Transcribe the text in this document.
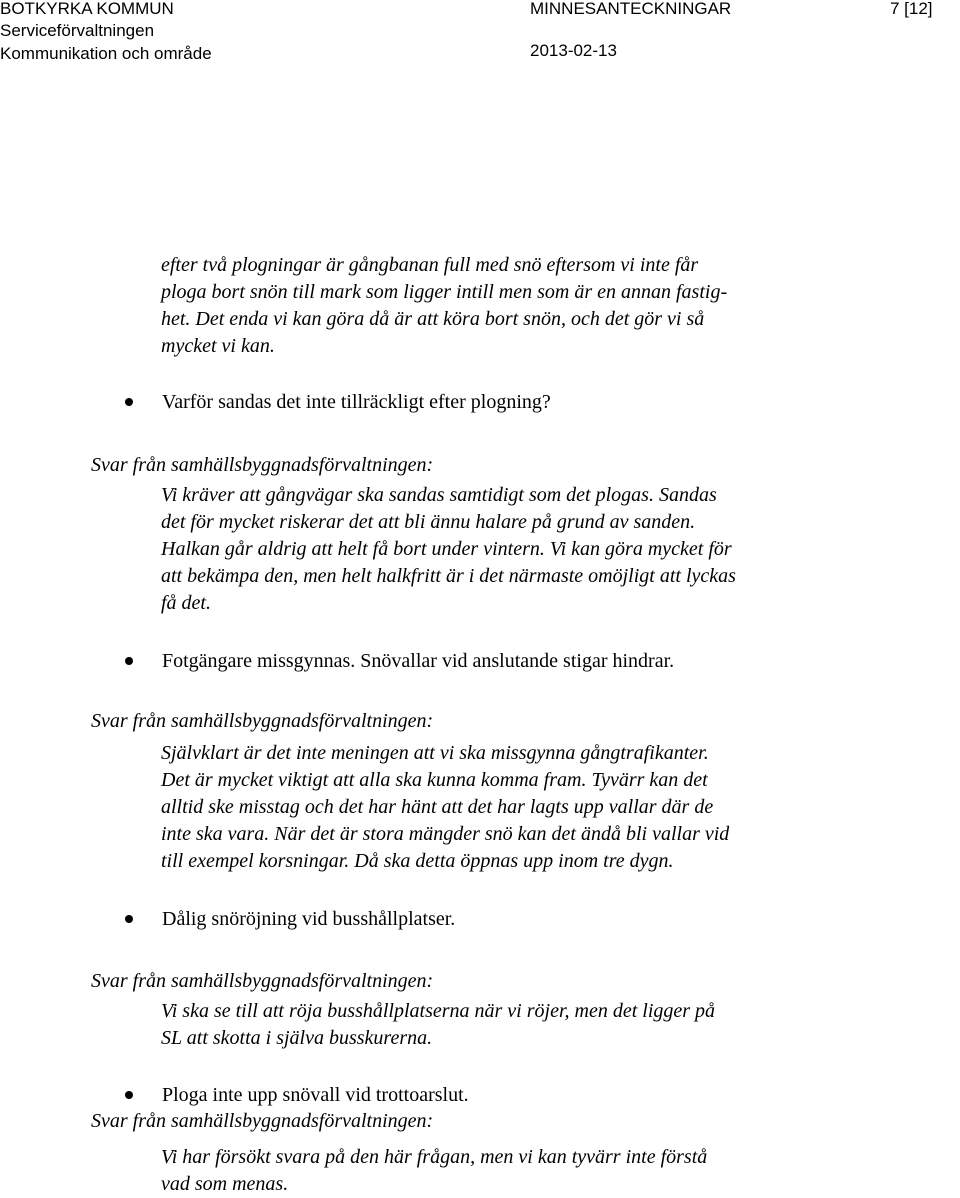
BOTKYRKA KOMMUN
Serviceförvaltningen
Kommunikation och område
MINNESANTECKNINGAR
2013-02-13
7 [12]
efter två plogningar är gångbanan full med snö eftersom vi inte får
ploga bort snön till mark som ligger intill men som är en annan fastig-
het. Det enda vi kan göra då är att köra bort snön, och det gör vi så
mycket vi kan.
Varför sandas det inte tillräckligt efter plogning?
Svar från samhällsbyggnadsförvaltningen:
Vi kräver att gångvägar ska sandas samtidigt som det plogas. Sandas
det för mycket riskerar det att bli ännu halare på grund av sanden.
Halkan går aldrig att helt få bort under vintern. Vi kan göra mycket för
att bekämpa den, men helt halkfritt är i det närmaste omöjligt att lyckas
få det.
Fotgängare missgynnas. Snövallar vid anslutande stigar hindrar.
Svar från samhällsbyggnadsförvaltningen:
Självklart är det inte meningen att vi ska missgynna gångtrafikanter.
Det är mycket viktigt att alla ska kunna komma fram. Tyvärr kan det
alltid ske misstag och det har hänt att det har lagts upp vallar där de
inte ska vara. När det är stora mängder snö kan det ändå bli vallar vid
till exempel korsningar. Då ska detta öppnas upp inom tre dygn.
Dålig snöröjning vid busshållplatser.
Svar från samhällsbyggnadsförvaltningen:
Vi ska se till att röja busshållplatserna när vi röjer, men det ligger på
SL att skotta i själva busskurerna.
Ploga inte upp snövall vid trottoarslut.
Svar från samhällsbyggnadsförvaltningen:
Vi har försökt svara på den här frågan, men vi kan tyvärr inte förstå
vad som menas.
